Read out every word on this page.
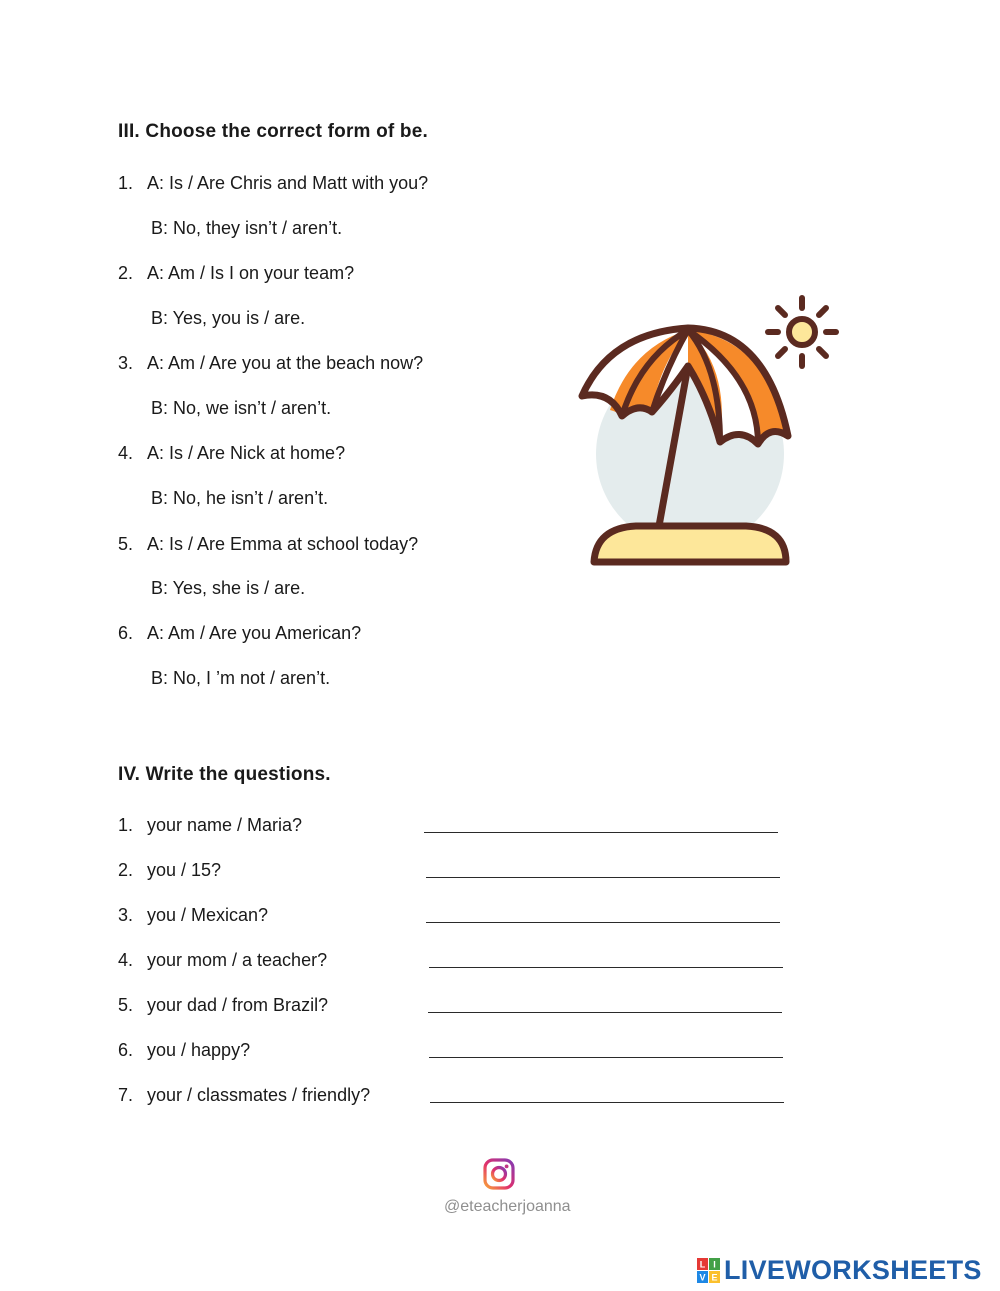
III. Choose the correct form of be.
1. A: Is / Are Chris and Matt with you?
B: No, they isn’t / aren’t.
2. A: Am / Is I on your team?
B: Yes, you is / are.
3. A: Am / Are you at the beach now?
B: No, we isn’t / aren’t.
4. A: Is / Are Nick at home?
B: No, he isn’t / aren’t.
5. A: Is / Are Emma at school today?
B: Yes, she is / are.
6. A: Am / Are you American?
B: No, I ’m not / aren’t.
IV. Write the questions.
1. your name / Maria?
2. you / 15?
3. you / Mexican?
4. your mom / a teacher?
5. your dad / from Brazil?
6. you / happy?
7. your / classmates / friendly?
@eteacherjoanna
L I
V E LIVEWORKSHEETS
